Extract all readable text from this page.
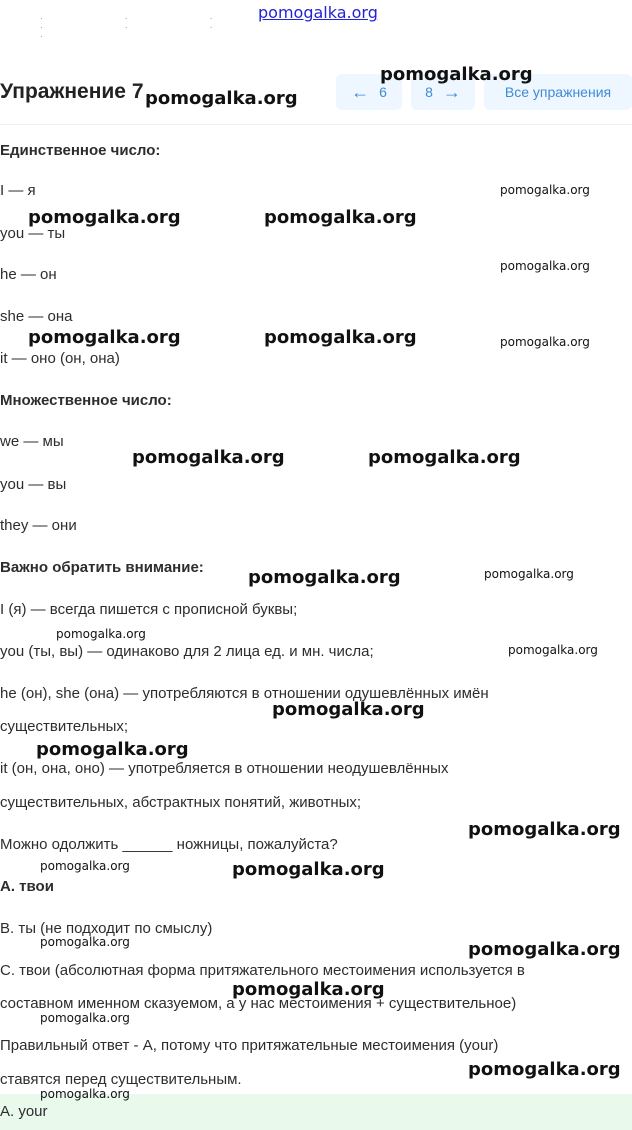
· · · · · · ·
pomogalka.org
Упражнение 7	← 6	8 →	Все упражнения
Единственное число:
I — я
you — ты
he — он
she — она
it — оно (он, она)
Множественное число:
we — мы
you — вы
they — они
Важно обратить внимание:
I (я) — всегда пишется с прописной буквы;
you (ты, вы) — одинаково для 2 лица ед. и мн. числа;
he (он), she (она) — употребляются в отношении одушевлённых имён
существительных;
it (он, она, оно) — употребляется в отношении неодушевлённых
существительных, абстрактных понятий, животных;
Можно одолжить ______ ножницы, пожалуйста?
A. твои
B. ты (не подходит по смыслу)
C. твои (абсолютная форма притяжательного местоимения используется в
составном именном сказуемом, а у нас местоимения + существительное)
Правильный ответ - A, потому что притяжательные местоимения (your)
ставятся перед существительным.
A. your
pomogalka.org
pomogalka.org
pomogalka.org
pomogalka.org	pomogalka.org
pomogalka.org
pomogalka.org	pomogalka.org	pomogalka.org
pomogalka.org	pomogalka.org
pomogalka.org	pomogalka.org
pomogalka.org
pomogalka.org
pomogalka.org
pomogalka.org
pomogalka.org
pomogalka.org	pomogalka.org
pomogalka.org	pomogalka.org
pomogalka.org
pomogalka.org
pomogalka.org
pomogalka.org
